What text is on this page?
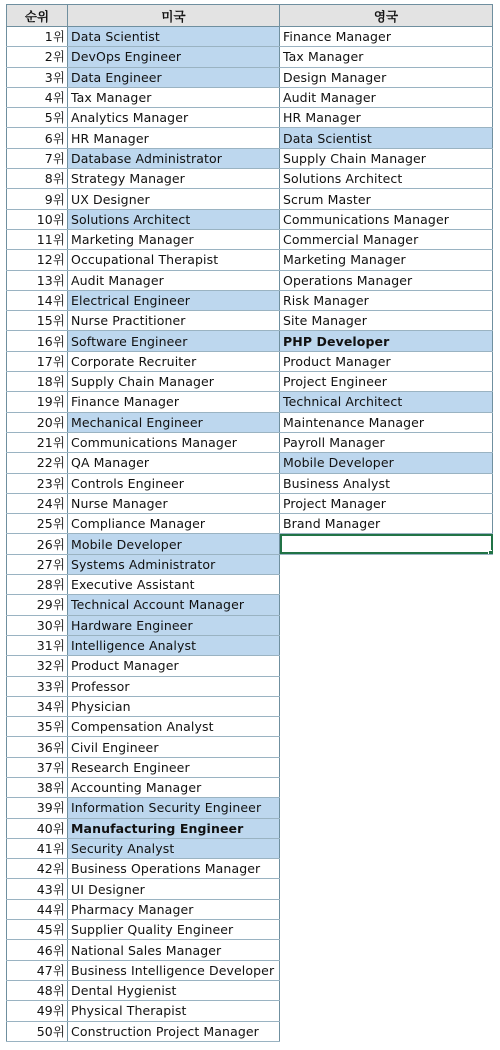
순위	미국	영국
1위	Data Scientist	Finance Manager
2위	DevOps Engineer	Tax Manager
3위	Data Engineer	Design Manager
4위	Tax Manager	Audit Manager
5위	Analytics Manager	HR Manager
6위	HR Manager	Data Scientist
7위	Database Administrator	Supply Chain Manager
8위	Strategy Manager	Solutions Architect
9위	UX Designer	Scrum Master
10위	Solutions Architect	Communications Manager
11위	Marketing Manager	Commercial Manager
12위	Occupational Therapist	Marketing Manager
13위	Audit Manager	Operations Manager
14위	Electrical Engineer	Risk Manager
15위	Nurse Practitioner	Site Manager
16위	Software Engineer	PHP Developer
17위	Corporate Recruiter	Product Manager
18위	Supply Chain Manager	Project Engineer
19위	Finance Manager	Technical Architect
20위	Mechanical Engineer	Maintenance Manager
21위	Communications Manager	Payroll Manager
22위	QA Manager	Mobile Developer
23위	Controls Engineer	Business Analyst
24위	Nurse Manager	Project Manager
25위	Compliance Manager	Brand Manager
26위	Mobile Developer	

27위	Systems Administrator	
28위	Executive Assistant	
29위	Technical Account Manager	
30위	Hardware Engineer	
31위	Intelligence Analyst	
32위	Product Manager	
33위	Professor	
34위	Physician	
35위	Compensation Analyst	
36위	Civil Engineer	
37위	Research Engineer	
38위	Accounting Manager	
39위	Information Security Engineer	
40위	Manufacturing Engineer	
41위	Security Analyst	
42위	Business Operations Manager	
43위	UI Designer	
44위	Pharmacy Manager	
45위	Supplier Quality Engineer	
46위	National Sales Manager	
47위	Business Intelligence Developer	
48위	Dental Hygienist	
49위	Physical Therapist	
50위	Construction Project Manager	
